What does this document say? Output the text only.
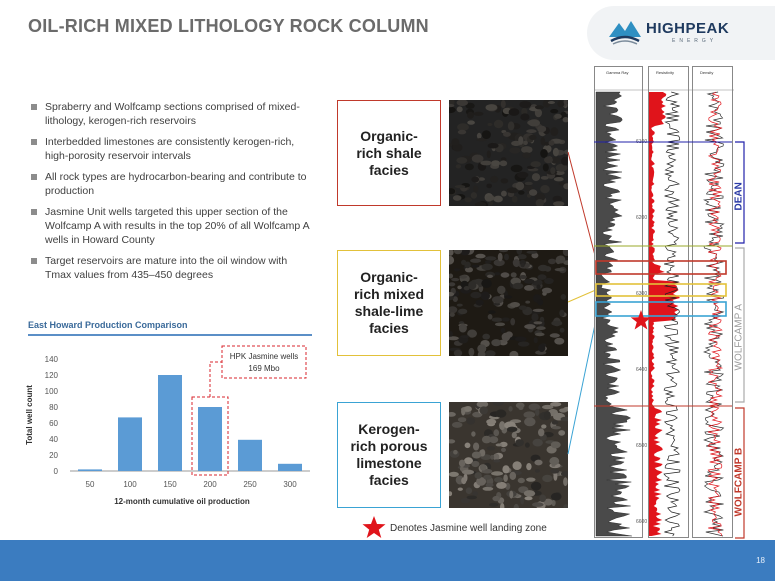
OIL-RICH MIXED LITHOLOGY ROCK COLUMN	HIGHPEAK
ENERGY
Spraberry and Wolfcamp sections comprised of mixed-lithology, kerogen-rich reservoirs
Interbedded limestones are consistently kerogen-rich, high-porosity reservoir intervals
All rock types are hydrocarbon-bearing and contribute to production
Jasmine Unit wells targeted this upper section of the Wolfcamp A with results in the top 20% of all Wolfcamp A wells in Howard County
Target reservoirs are mature into the oil window with Tmax values from 435–450 degrees
East Howard Production Comparison
0
20
40
60
80
100
120
140
50	100	150	200
HPK Jasmine wells
169 Mbo
250	300
12-month cumulative oil production
Total well count
Organic-
rich shale
facies
Organic-
rich mixed
shale-lime
facies
Kerogen-
rich porous
limestone
facies
Gamma Ray	Resistivity	Density
6100
6200
6300
6400
6500
6600
DEAN
WOLFCAMP A
WOLFCAMP B
Denotes Jasmine well landing zone
18
